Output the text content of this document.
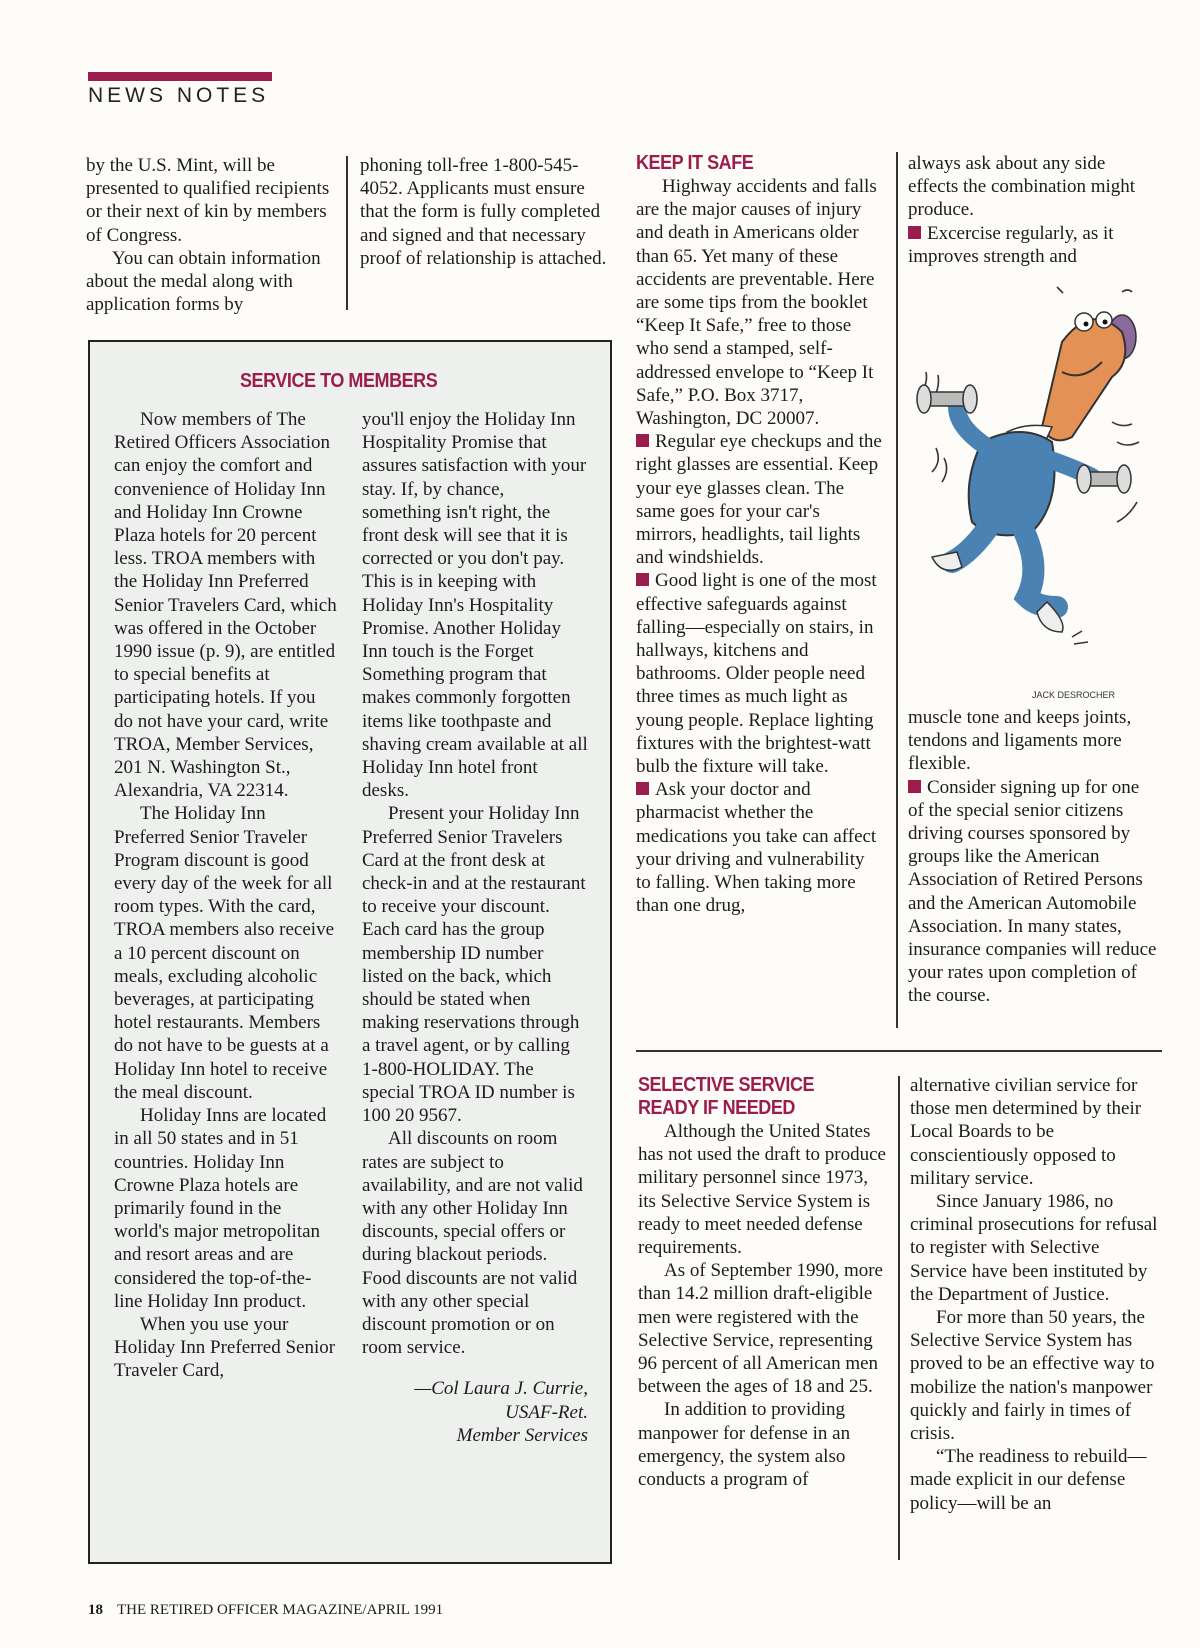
NEWS NOTES

by the U.S. Mint, will be presented to qualified recipients or their next of kin by members of Congress.

You can obtain information about the medal along with application forms by

phoning toll-free 1-800-545-4052. Applicants must ensure that the form is fully completed and signed and that necessary proof of relationship is attached.

SERVICE TO MEMBERS

Now members of The Retired Officers Association can enjoy the comfort and convenience of Holiday Inn and Holiday Inn Crowne Plaza hotels for 20 percent less. TROA members with the Holiday Inn Preferred Senior Travelers Card, which was offered in the October 1990 issue (p. 9), are entitled to special benefits at participating hotels. If you do not have your card, write TROA, Member Services, 201 N. Washington St., Alexandria, VA 22314.

The Holiday Inn Preferred Senior Traveler Program discount is good every day of the week for all room types. With the card, TROA members also receive a 10 percent discount on meals, excluding alcoholic beverages, at participating hotel restaurants. Members do not have to be guests at a Holiday Inn hotel to receive the meal discount.

Holiday Inns are located in all 50 states and in 51 countries. Holiday Inn Crowne Plaza hotels are primarily found in the world's major metropolitan and resort areas and are considered the top-of-the-line Holiday Inn product.

When you use your Holiday Inn Preferred Senior Traveler Card,

you'll enjoy the Holiday Inn Hospitality Promise that assures satisfaction with your stay. If, by chance, something isn't right, the front desk will see that it is corrected or you don't pay. This is in keeping with Holiday Inn's Hospitality Promise. Another Holiday Inn touch is the Forget Something program that makes commonly forgotten items like toothpaste and shaving cream available at all Holiday Inn hotel front desks.

Present your Holiday Inn Preferred Senior Travelers Card at the front desk at check-in and at the restaurant to receive your discount. Each card has the group membership ID number listed on the back, which should be stated when making reservations through a travel agent, or by calling 1-800-HOLIDAY. The special TROA ID number is 100 20 9567.

All discounts on room rates are subject to availability, and are not valid with any other Holiday Inn discounts, special offers or during blackout periods. Food discounts are not valid with any other special discount promotion or on room service.

—Col Laura J. Currie,
USAF-Ret.
Member Services
KEEP IT SAFE

Highway accidents and falls are the major causes of injury and death in Americans older than 65. Yet many of these accidents are preventable. Here are some tips from the booklet “Keep It Safe,” free to those who send a stamped, self-addressed envelope to “Keep It Safe,” P.O. Box 3717, Washington, DC 20007.

Regular eye checkups and the right glasses are essential. Keep your eye glasses clean. The same goes for your car's mirrors, headlights, tail lights and windshields.

Good light is one of the most effective safeguards against falling—especially on stairs, in hallways, kitchens and bathrooms. Older people need three times as much light as young people. Replace lighting fixtures with the brightest-watt bulb the fixture will take.

Ask your doctor and pharmacist whether the medications you take can affect your driving and vulnerability to falling. When taking more than one drug,

always ask about any side effects the combination might produce.

Excercise regularly, as it improves strength and

JACK DESROCHER

muscle tone and keeps joints, tendons and ligaments more flexible.

Consider signing up for one of the special senior citizens driving courses sponsored by groups like the American Association of Retired Persons and the American Automobile Association. In many states, insurance companies will reduce your rates upon completion of the course.

SELECTIVE SERVICE READY IF NEEDED

Although the United States has not used the draft to produce military personnel since 1973, its Selective Service System is ready to meet needed defense requirements.

As of September 1990, more than 14.2 million draft-eligible men were registered with the Selective Service, representing 96 percent of all American men between the ages of 18 and 25.

In addition to providing manpower for defense in an emergency, the system also conducts a program of

alternative civilian service for those men determined by their Local Boards to be conscientiously opposed to military service.

Since January 1986, no criminal prosecutions for refusal to register with Selective Service have been instituted by the Department of Justice.

For more than 50 years, the Selective Service System has proved to be an effective way to mobilize the nation's manpower quickly and fairly in times of crisis.

“The readiness to rebuild—made explicit in our defense policy—will be an

18 THE RETIRED OFFICER MAGAZINE/APRIL 1991
